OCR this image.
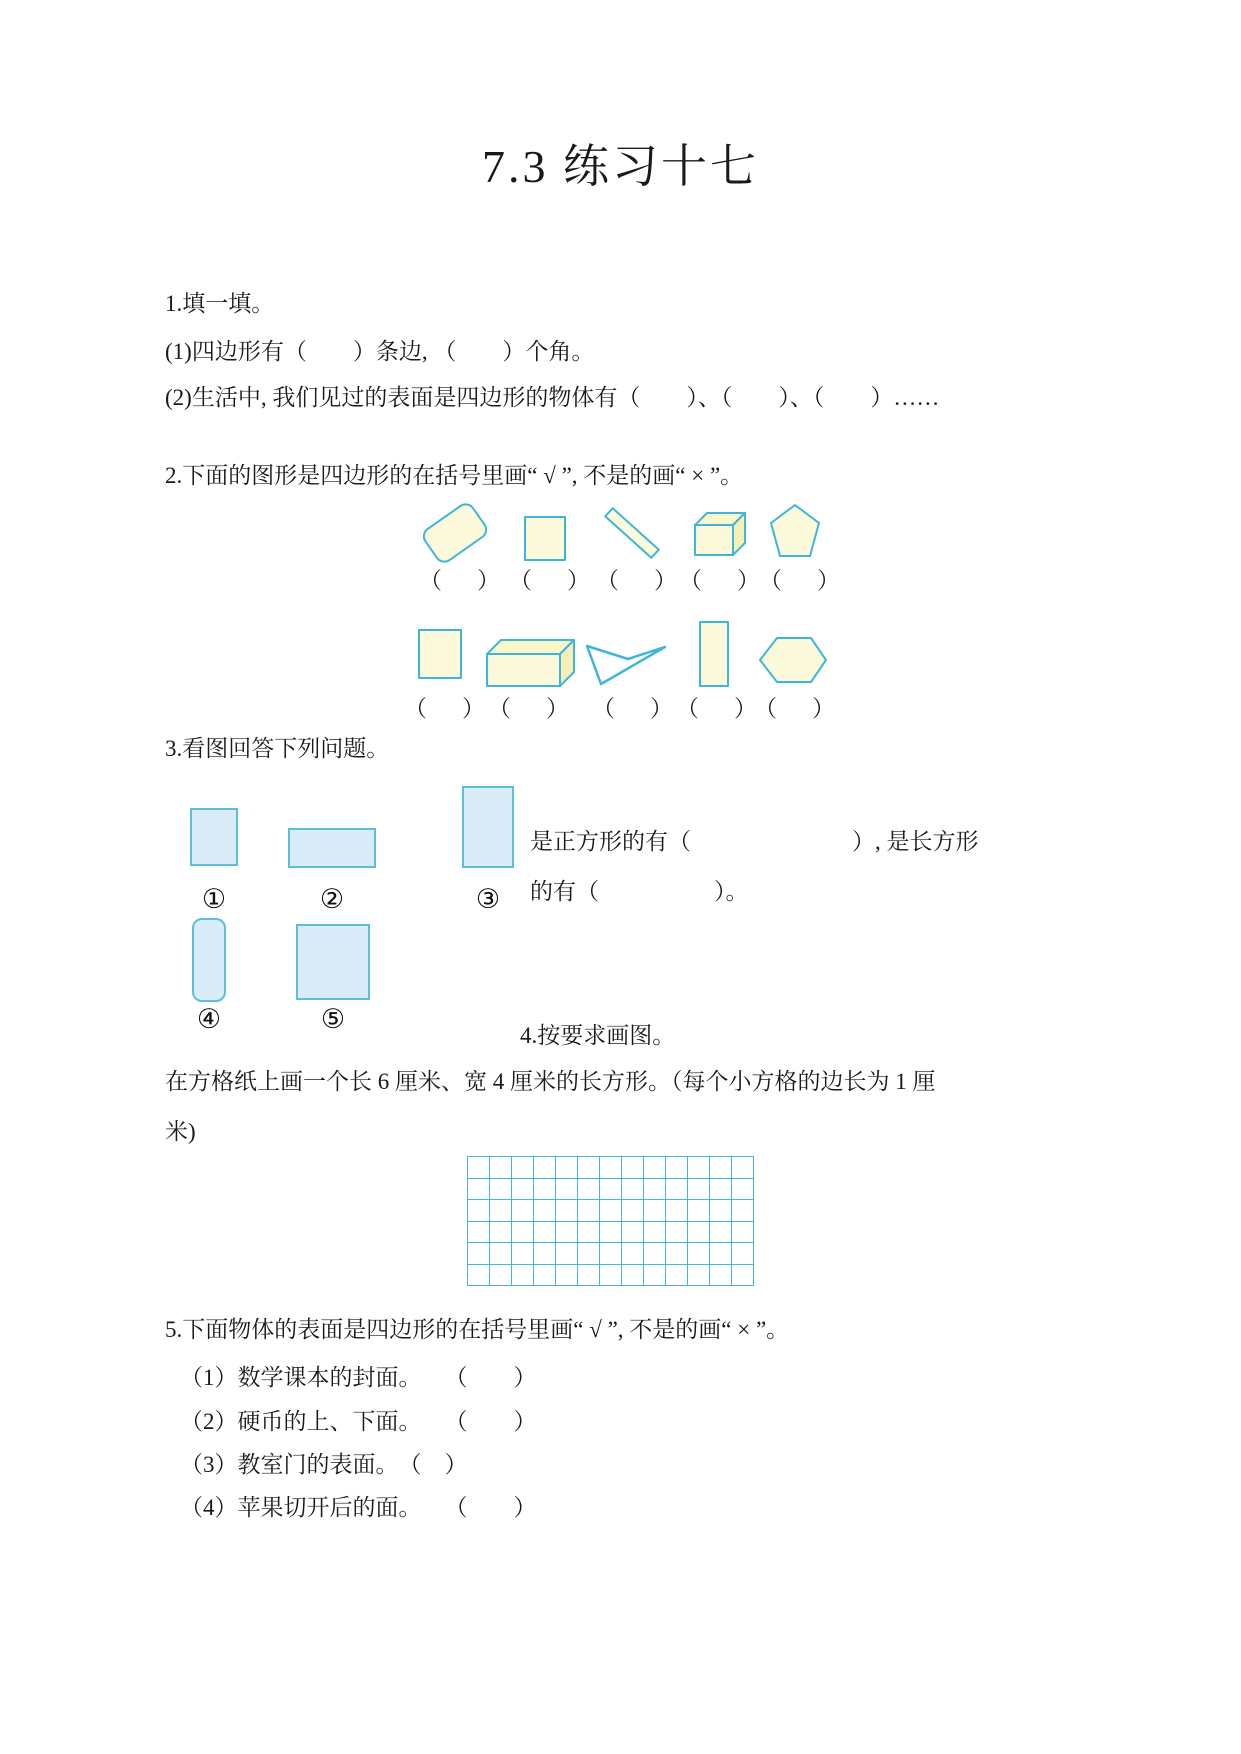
7.3 练习十七
1.填一填。
(1)四边形有（　　）条边, （　　）个角。
(2)生活中, 我们见过的表面是四边形的物体有（　　）、（　　）、（　　）……
2.下面的图形是四边形的在括号里画“ √ ”, 不是的画“ × ”。
（　） （　） （　）
（　）
（　）
（　）
（　） （　）
（　）
（　）
3.看图回答下列问题。
①	②	③
是正方形的有（　　　　　　　）, 是长方形
的有（　　　　　）。
④	⑤
4.按要求画图。
在方格纸上画一个长 6 厘米、宽 4 厘米的长方形。（每个小方格的边长为 1 厘
米)
5.下面物体的表面是四边形的在括号里画“ √ ”, 不是的画“ × ”。
（1）数学课本的封面。　　（　　）
（2）硬币的上、下面。　　（　　）
（3）教室门的表面。　（　）
（4）苹果切开后的面。　　（　　）
